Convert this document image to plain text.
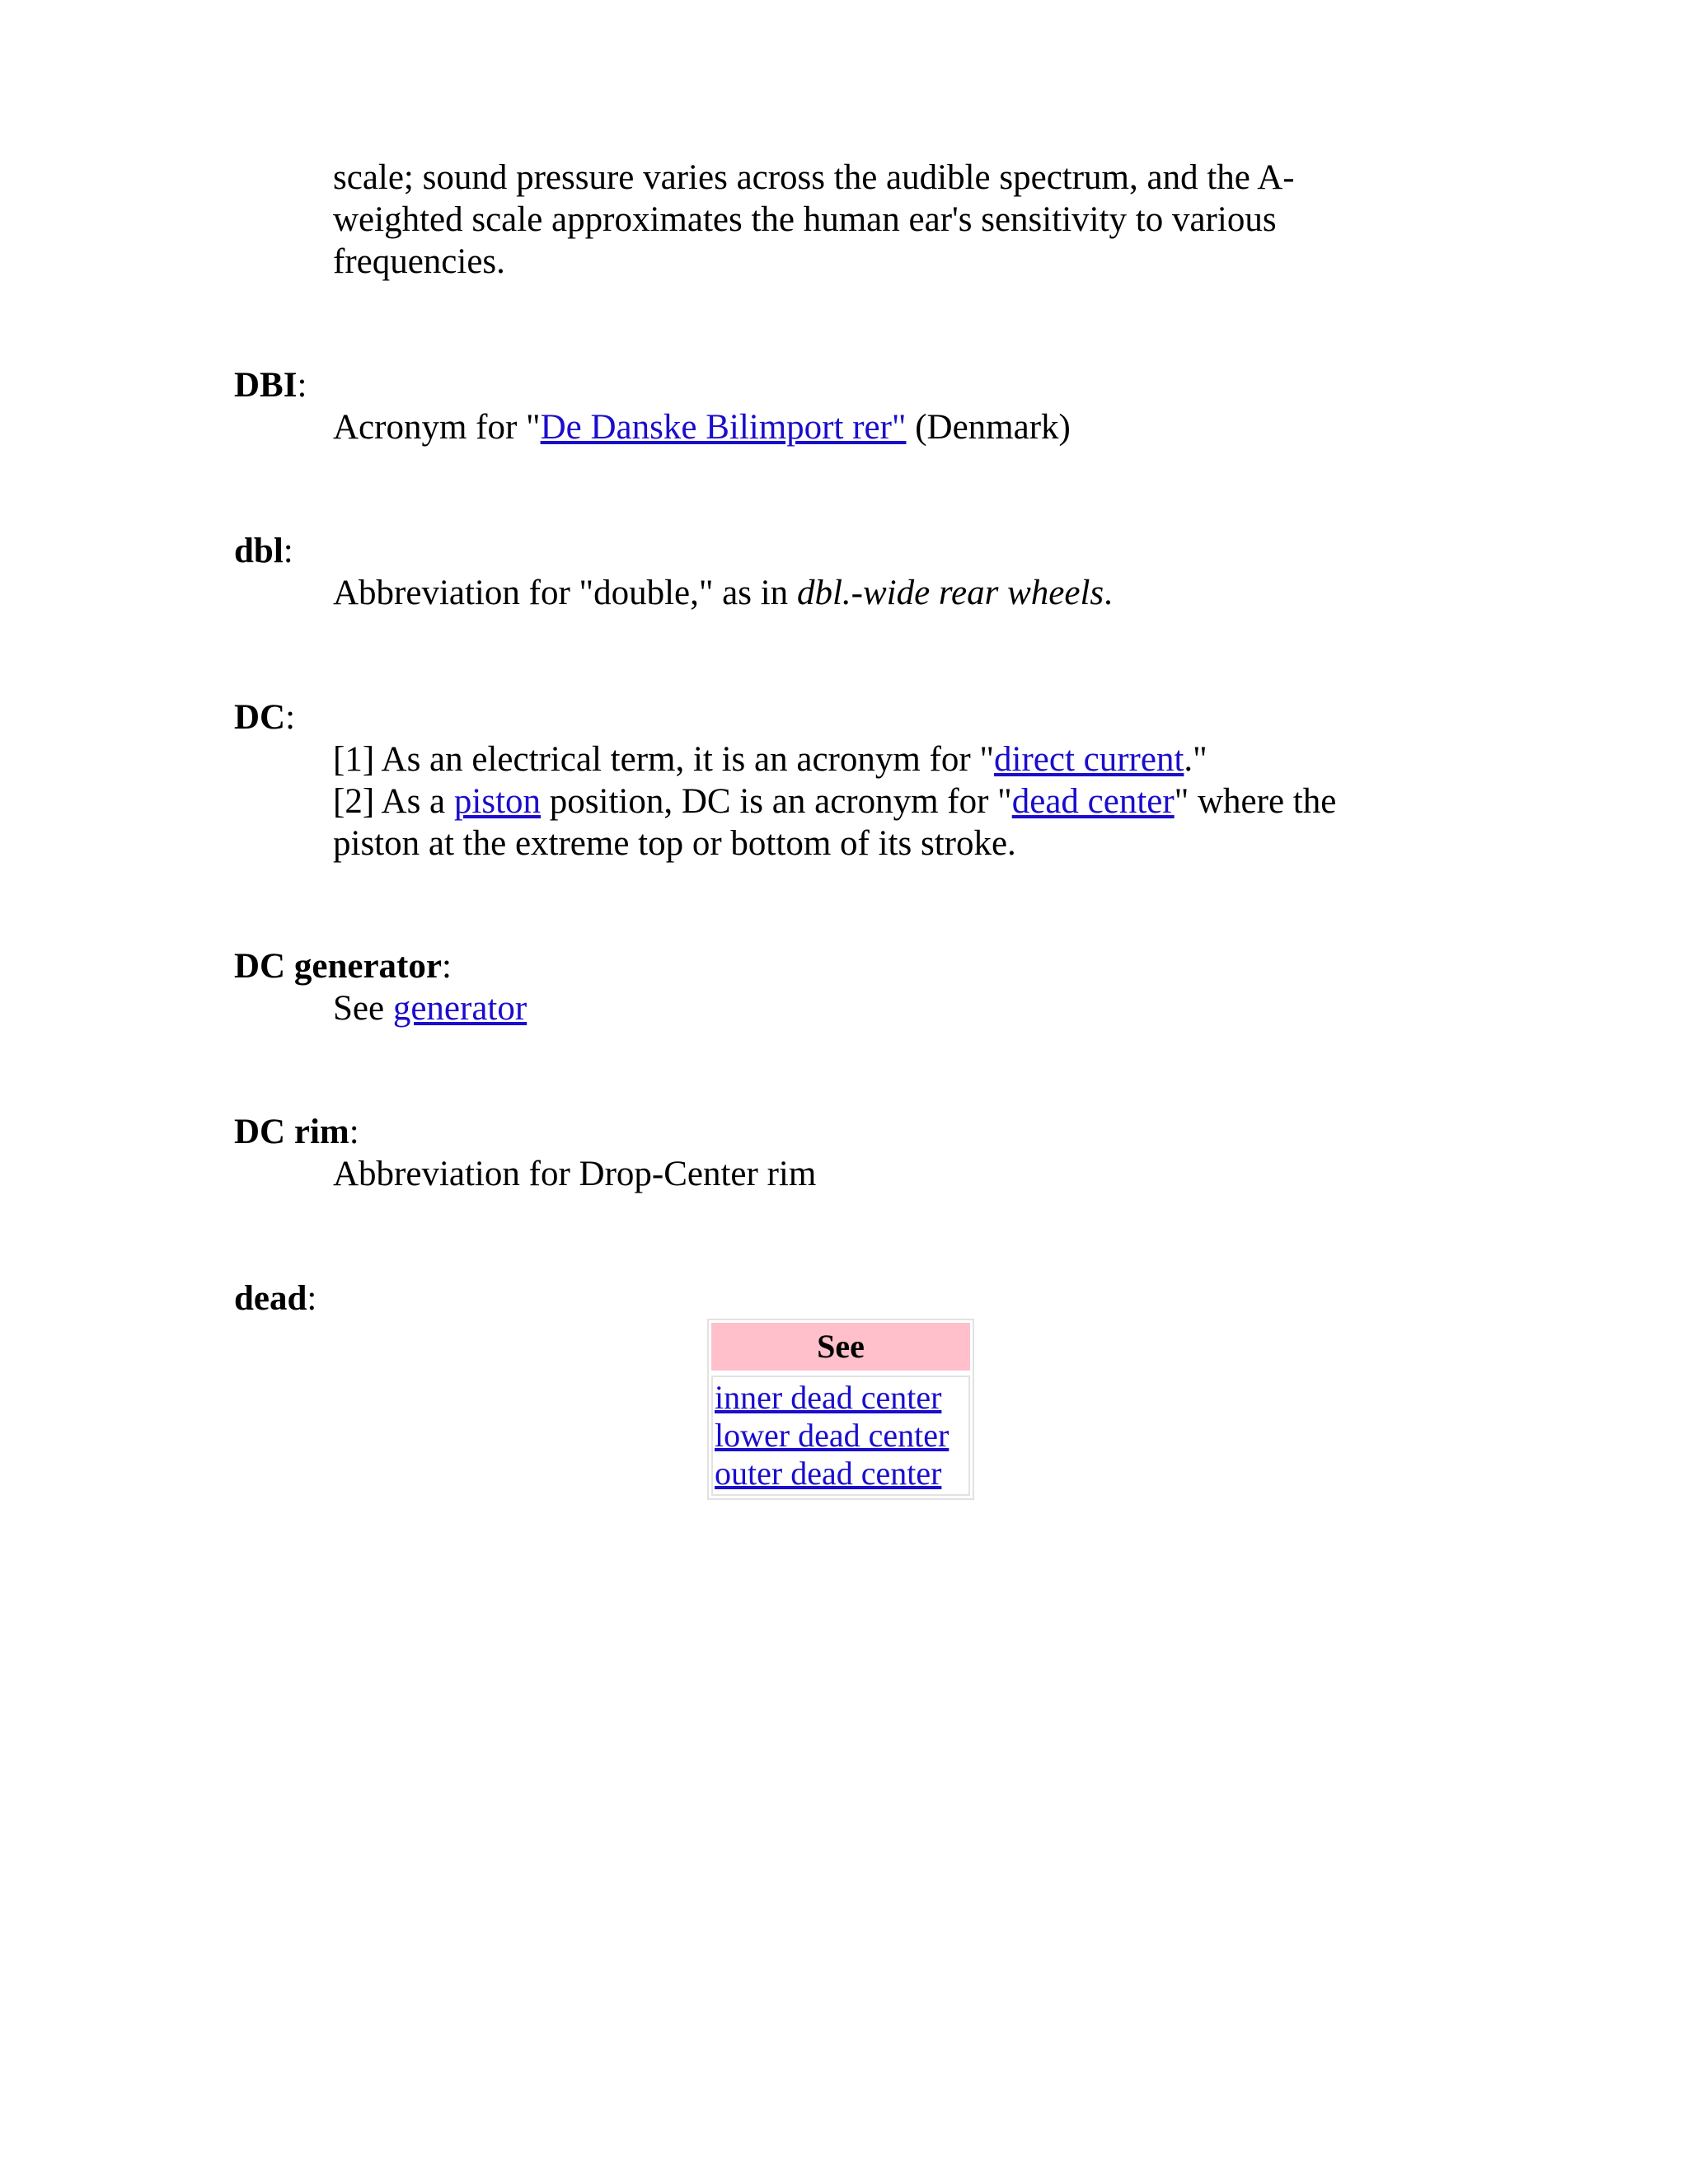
scale; sound pressure varies across the audible spectrum, and the A-
weighted scale approximates the human ear's sensitivity to various
frequencies.
DBI:
Acronym for "De Danske Bilimport rer" (Denmark)
dbl:
Abbreviation for "double," as in dbl.-wide rear wheels.
DC:
[1] As an electrical term, it is an acronym for "direct current."
[2] As a piston position, DC is an acronym for "dead center" where the
piston at the extreme top or bottom of its stroke.
DC generator:
See generator
DC rim:
Abbreviation for Drop-Center rim
dead:
See
inner dead center
lower dead center
outer dead center
